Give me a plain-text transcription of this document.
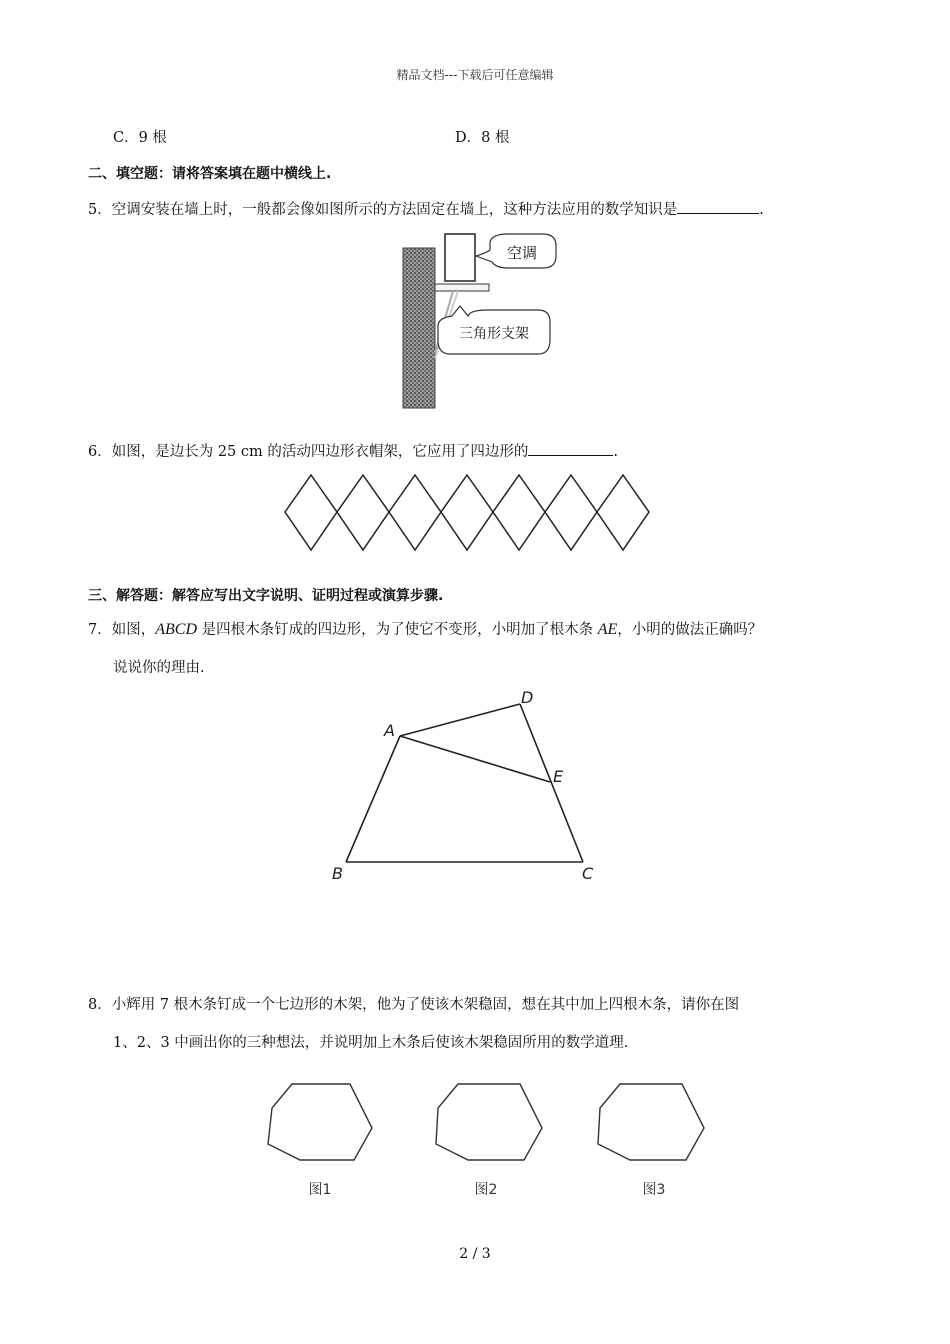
精品文档---下载后可任意编辑
C．9 根	D．8 根
二、填空题：请将答案填在题中横线上.
5．空调安装在墙上时，一般都会像如图所示的方法固定在墙上，这种方法应用的数学知识是	.
空调
三角形支架
6．如图，是边长为 25 cm 的活动四边形衣帽架，它应用了四边形的	.
三、解答题：解答应写出文字说明、证明过程或演算步骤.
7．如图，ABCD 是四根木条钉成的四边形，为了使它不变形，小明加了根木条 AE，小明的做法正确吗？
说说你的理由.
A
D
E
B	C
8．小辉用 7 根木条钉成一个七边形的木架，他为了使该木架稳固，想在其中加上四根木条，请你在图
1、2、3 中画出你的三种想法，并说明加上木条后使该木架稳固所用的数学道理.
图1	图2	图3
2 / 3
